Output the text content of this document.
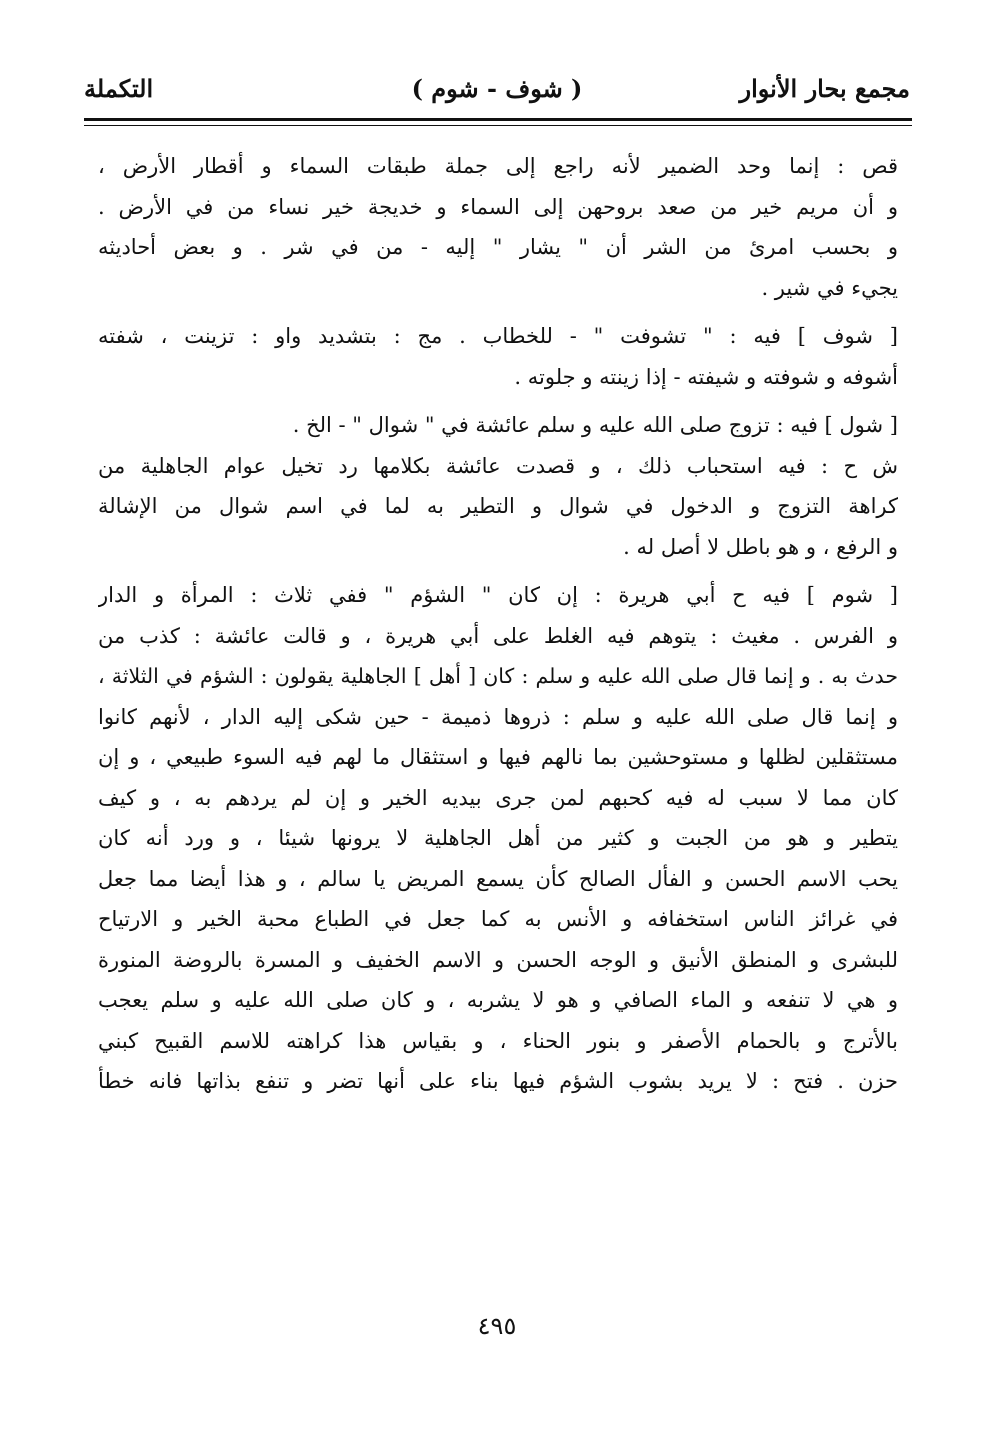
مجمع بحار الأنوار
( شوف - شوم )
التكملة
قص : إنما وحد الضمير لأنه راجع إلى جملة طبقات السماء و أقطار الأرض ،
و أن مريم خير من صعد بروحهن إلى السماء و خديجة خير نساء من في الأرض .
و بحسب امرئ من الشر أن " يشار " إليه - من في شر . و بعض أحاديثه
يجيء في شير .
[ شوف ] فيه : " تشوفت " - للخطاب . مج : بتشديد واو : تزينت ، شفته
أشوفه و شوفته و شيفته - إذا زينته و جلوته .
[ شول ] فيه : تزوج صلى الله عليه و سلم عائشة في " شوال " - الخ .
ش ح : فيه استحباب ذلك ، و قصدت عائشة بكلامها رد تخيل عوام الجاهلية من
كراهة التزوج و الدخول في شوال و التطير به لما في اسم شوال من الإشالة
و الرفع ، و هو باطل لا أصل له .
[ شوم ] فيه ح أبي هريرة : إن كان " الشؤم " ففي ثلاث : المرأة و الدار
و الفرس . مغيث : يتوهم فيه الغلط على أبي هريرة ، و قالت عائشة : كذب من
حدث به . و إنما قال صلى الله عليه و سلم : كان [ أهل ] الجاهلية يقولون : الشؤم في الثلاثة ،
و إنما قال صلى الله عليه و سلم : ذروها ذميمة - حين شكى إليه الدار ، لأنهم كانوا
مستثقلين لظلها و مستوحشين بما نالهم فيها و استثقال ما لهم فيه السوء طبيعي ، و إن
كان مما لا سبب له فيه كحبهم لمن جرى بيديه الخير و إن لم يردهم به ، و كيف
يتطير و هو من الجبت و كثير من أهل الجاهلية لا يرونها شيئا ، و ورد أنه كان
يحب الاسم الحسن و الفأل الصالح كأن يسمع المريض يا سالم ، و هذا أيضا مما جعل
في غرائز الناس استخفافه و الأنس به كما جعل في الطباع محبة الخير و الارتياح
للبشرى و المنطق الأنيق و الوجه الحسن و الاسم الخفيف و المسرة بالروضة المنورة
و هي لا تنفعه و الماء الصافي و هو لا يشربه ، و كان صلى الله عليه و سلم يعجب
بالأترج و بالحمام الأصفر و بنور الحناء ، و بقياس هذا كراهته للاسم القبيح كبني
حزن . فتح : لا يريد بشوب الشؤم فيها بناء على أنها تضر و تنفع بذاتها فانه خطأ
٤٩٥
